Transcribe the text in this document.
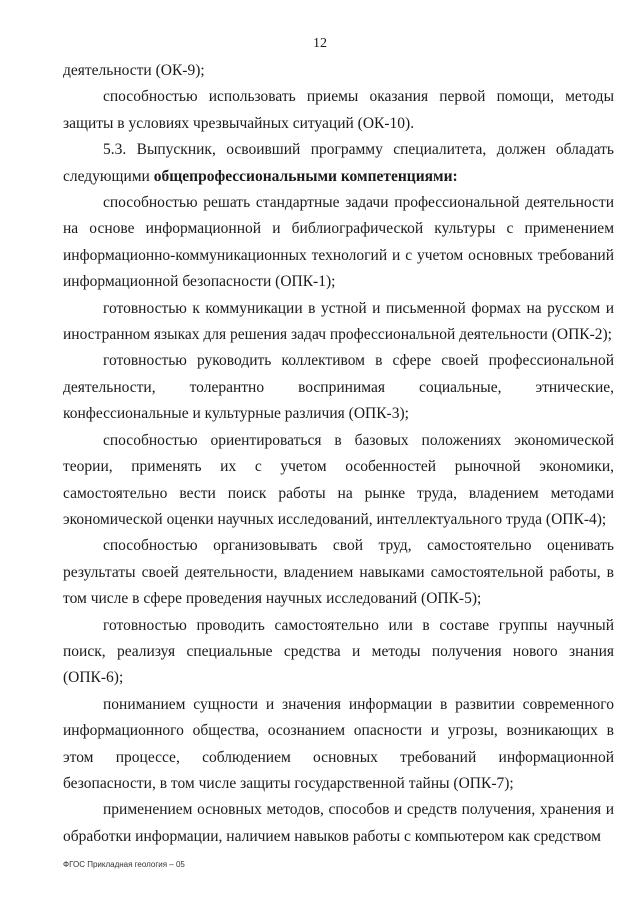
12

деятельности (ОК-9);

способностью использовать приемы оказания первой помощи, методы защиты в условиях чрезвычайных ситуаций (ОК-10).

5.3. Выпускник, освоивший программу специалитета, должен обладать следующими общепрофессиональными компетенциями:

способностью решать стандартные задачи профессиональной деятельности на основе информационной и библиографической культуры с применением информационно-коммуникационных технологий и с учетом основных требований информационной безопасности (ОПК-1);

готовностью к коммуникации в устной и письменной формах на русском и иностранном языках для решения задач профессиональной деятельности (ОПК-2);

готовностью руководить коллективом в сфере своей профессиональной деятельности, толерантно воспринимая социальные, этнические, конфессиональные и культурные различия (ОПК-3);

способностью ориентироваться в базовых положениях экономической теории, применять их с учетом особенностей рыночной экономики, самостоятельно вести поиск работы на рынке труда, владением методами экономической оценки научных исследований, интеллектуального труда (ОПК-4);

способностью организовывать свой труд, самостоятельно оценивать результаты своей деятельности, владением навыками самостоятельной работы, в том числе в сфере проведения научных исследований (ОПК-5);

готовностью проводить самостоятельно или в составе группы научный поиск, реализуя специальные средства и методы получения нового знания (ОПК-6);

пониманием сущности и значения информации в развитии современного информационного общества, осознанием опасности и угрозы, возникающих в этом процессе, соблюдением основных требований информационной безопасности, в том числе защиты государственной тайны (ОПК-7);

применением основных методов, способов и средств получения, хранения и обработки информации, наличием навыков работы с компьютером как средством

ФГОС Прикладная геология – 05
